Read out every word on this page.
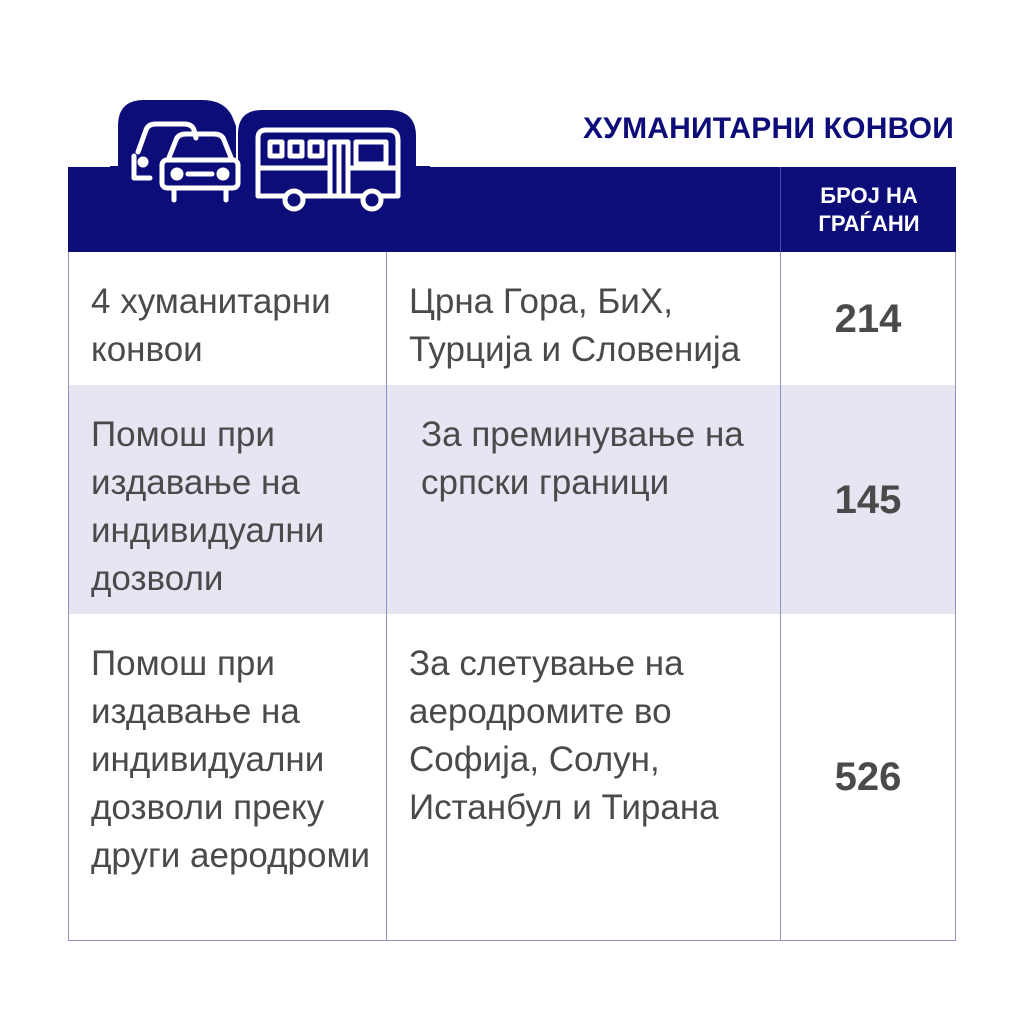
ХУМАНИТАРНИ КОНВОИ
БРОЈ НА ГРАЃАНИ
4 хуманитарни конвои
Црна Гора, БиХ, Турција и Словенија
214
Помош при издавање на индивидуални дозволи
За преминување на српски граници	145
Помош при издавање на индивидуални дозволи преку други аеродроми
За слетување на аеродромите во Софија, Солун, Истанбул и Тирана
526
